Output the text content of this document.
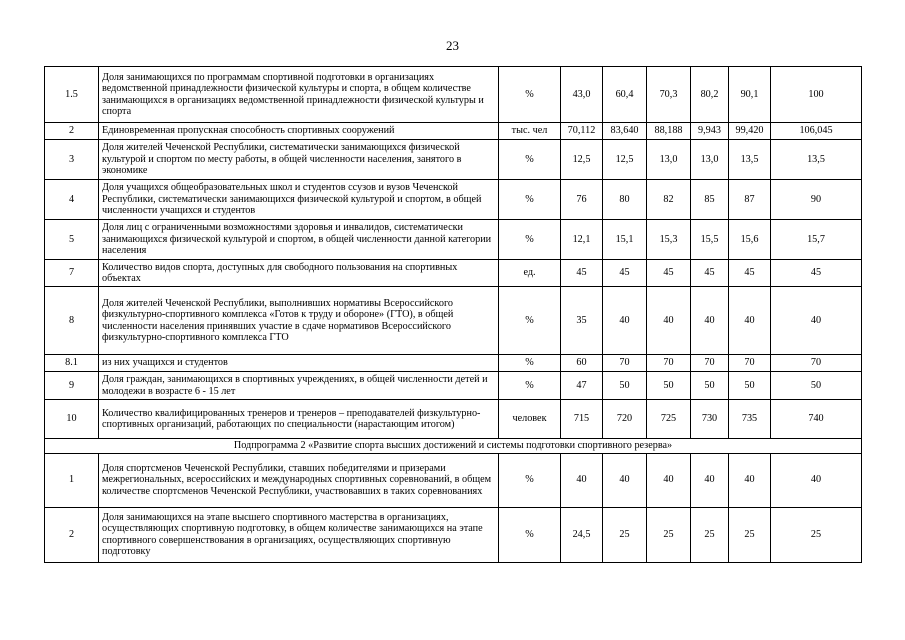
23
1.5	Доля занимающихся по программам спортивной подготовки в организациях ведомственной принадлежности физической культуры и спорта, в общем количестве занимающихся в организациях ведомственной принадлежности физической культуры и спорта	%	43,0	60,4	70,3	80,2	90,1	100
2	Единовременная пропускная способность спортивных сооружений	тыс. чел	70,112	83,640	88,188	9,943	99,420	106,045
3	Доля жителей Чеченской Республики, систематически занимающихся физической культурой и спортом по месту работы, в общей численности населения, занятого в экономике	%	12,5	12,5	13,0	13,0	13,5	13,5
4	Доля учащихся общеобразовательных школ и студентов ссузов и вузов Чеченской Республики, систематически занимающихся физической культурой и спортом, в общей численности учащихся и студентов	%	76	80	82	85	87	90
5	Доля лиц с ограниченными возможностями здоровья и инвалидов, систематически занимающихся физической культурой и спортом, в общей численности данной категории населения	%	12,1	15,1	15,3	15,5	15,6	15,7
7	Количество видов спорта, доступных для свободного пользования на спортивных объектах	ед.	45	45	45	45	45	45
8	Доля жителей Чеченской Республики, выполнивших нормативы Всероссийского физкультурно-спортивного комплекса «Готов к труду и обороне» (ГТО), в общей численности населения принявших участие в сдаче нормативов Всероссийского физкультурно-спортивного комплекса ГТО	%	35	40	40	40	40	40
8.1	из них учащихся и студентов	%	60	70	70	70	70	70
9	Доля граждан, занимающихся в спортивных учреждениях, в общей численности детей и молодежи в возрасте 6 - 15 лет	%	47	50	50	50	50	50
10	Количество квалифицированных тренеров и тренеров – преподавателей физкультурно-спортивных организаций, работающих по специальности (нарастающим итогом)	человек	715	720	725	730	735	740
Подпрограмма 2 «Развитие спорта высших достижений и системы подготовки спортивного резерва»								
1	Доля спортсменов Чеченской Республики, ставших победителями и призерами межрегиональных, всероссийских и международных спортивных соревнований, в общем количестве спортсменов Чеченской Республики, участвовавших в таких соревнованиях	%	40	40	40	40	40	40
2	Доля занимающихся на этапе высшего спортивного мастерства в организациях, осуществляющих спортивную подготовку, в общем количестве занимающихся на этапе спортивного совершенствования в организациях, осуществляющих спортивную подготовку	%	24,5	25	25	25	25	25
